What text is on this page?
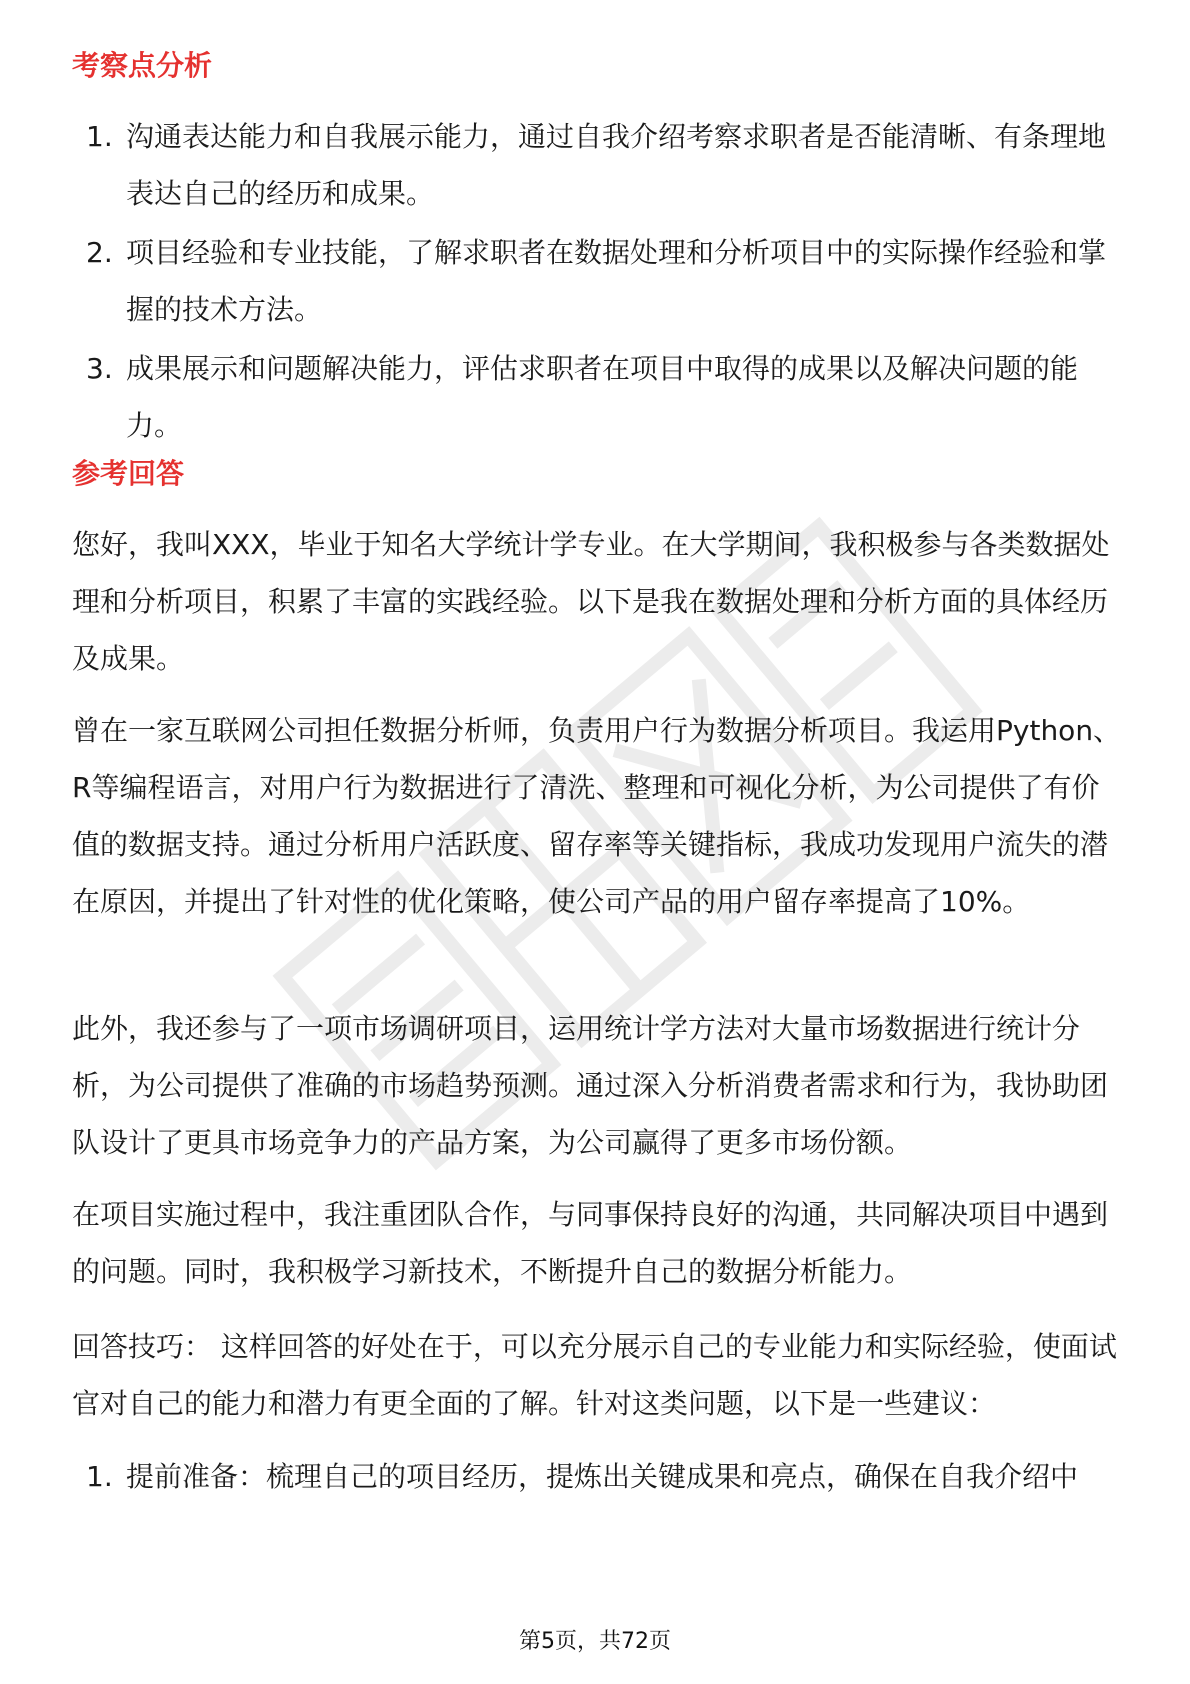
考察点分析
1. 沟通表达能力和自我展示能力，通过自我介绍考察求职者是否能清晰、有条理地表达自己的经历和成果。
2. 项目经验和专业技能，了解求职者在数据处理和分析项目中的实际操作经验和掌握的技术方法。
3. 成果展示和问题解决能力，评估求职者在项目中取得的成果以及解决问题的能力。
参考回答

您好，我叫XXX，毕业于知名大学统计学专业。在大学期间，我积极参与各类数据处理和分析项目，积累了丰富的实践经验。以下是我在数据处理和分析方面的具体经历及成果。

曾在一家互联网公司担任数据分析师，负责用户行为数据分析项目。我运用Python、R等编程语言，对用户行为数据进行了清洗、整理和可视化分析，为公司提供了有价值的数据支持。通过分析用户活跃度、留存率等关键指标，我成功发现用户流失的潜在原因，并提出了针对性的优化策略，使公司产品的用户留存率提高了10%。

此外，我还参与了一项市场调研项目，运用统计学方法对大量市场数据进行统计分析，为公司提供了准确的市场趋势预测。通过深入分析消费者需求和行为，我协助团队设计了更具市场竞争力的产品方案，为公司赢得了更多市场份额。

在项目实施过程中，我注重团队合作，与同事保持良好的沟通，共同解决项目中遇到的问题。同时，我积极学习新技术，不断提升自己的数据分析能力。

回答技巧： 这样回答的好处在于，可以充分展示自己的专业能力和实际经验，使面试官对自己的能力和潜力有更全面的了解。针对这类问题，以下是一些建议：

1. 提前准备：梳理自己的项目经历，提炼出关键成果和亮点，确保在自我介绍中
第5页，共72页
